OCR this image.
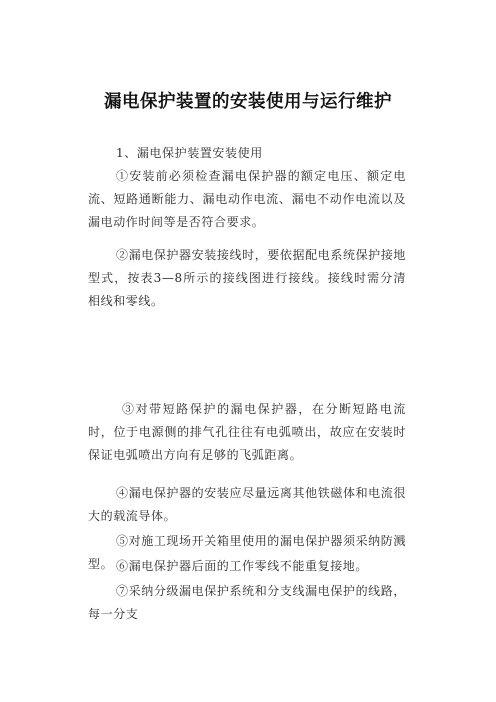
漏电保护装置的安装使用与运行维护

1、漏电保护装置安装使用

①安装前必须检查漏电保护器的额定电压、额定电流、短路通断能力、漏电动作电流、漏电不动作电流以及漏电动作时间等是否符合要求。

②漏电保护器安装接线时，要依据配电系统保护接地型式，按表3—8所示的接线图进行接线。接线时需分清相线和零线。

③对带短路保护的漏电保护器，在分断短路电流时，位于电源侧的排气孔往往有电弧喷出，故应在安装时保证电弧喷出方向有足够的飞弧距离。

④漏电保护器的安装应尽量远离其他铁磁体和电流很大的载流导体。

⑤对施工现场开关箱里使用的漏电保护器须采纳防溅型。 ⑥漏电保护器后面的工作零线不能重复接地。

⑦采纳分级漏电保护系统和分支线漏电保护的线路，每一分支
